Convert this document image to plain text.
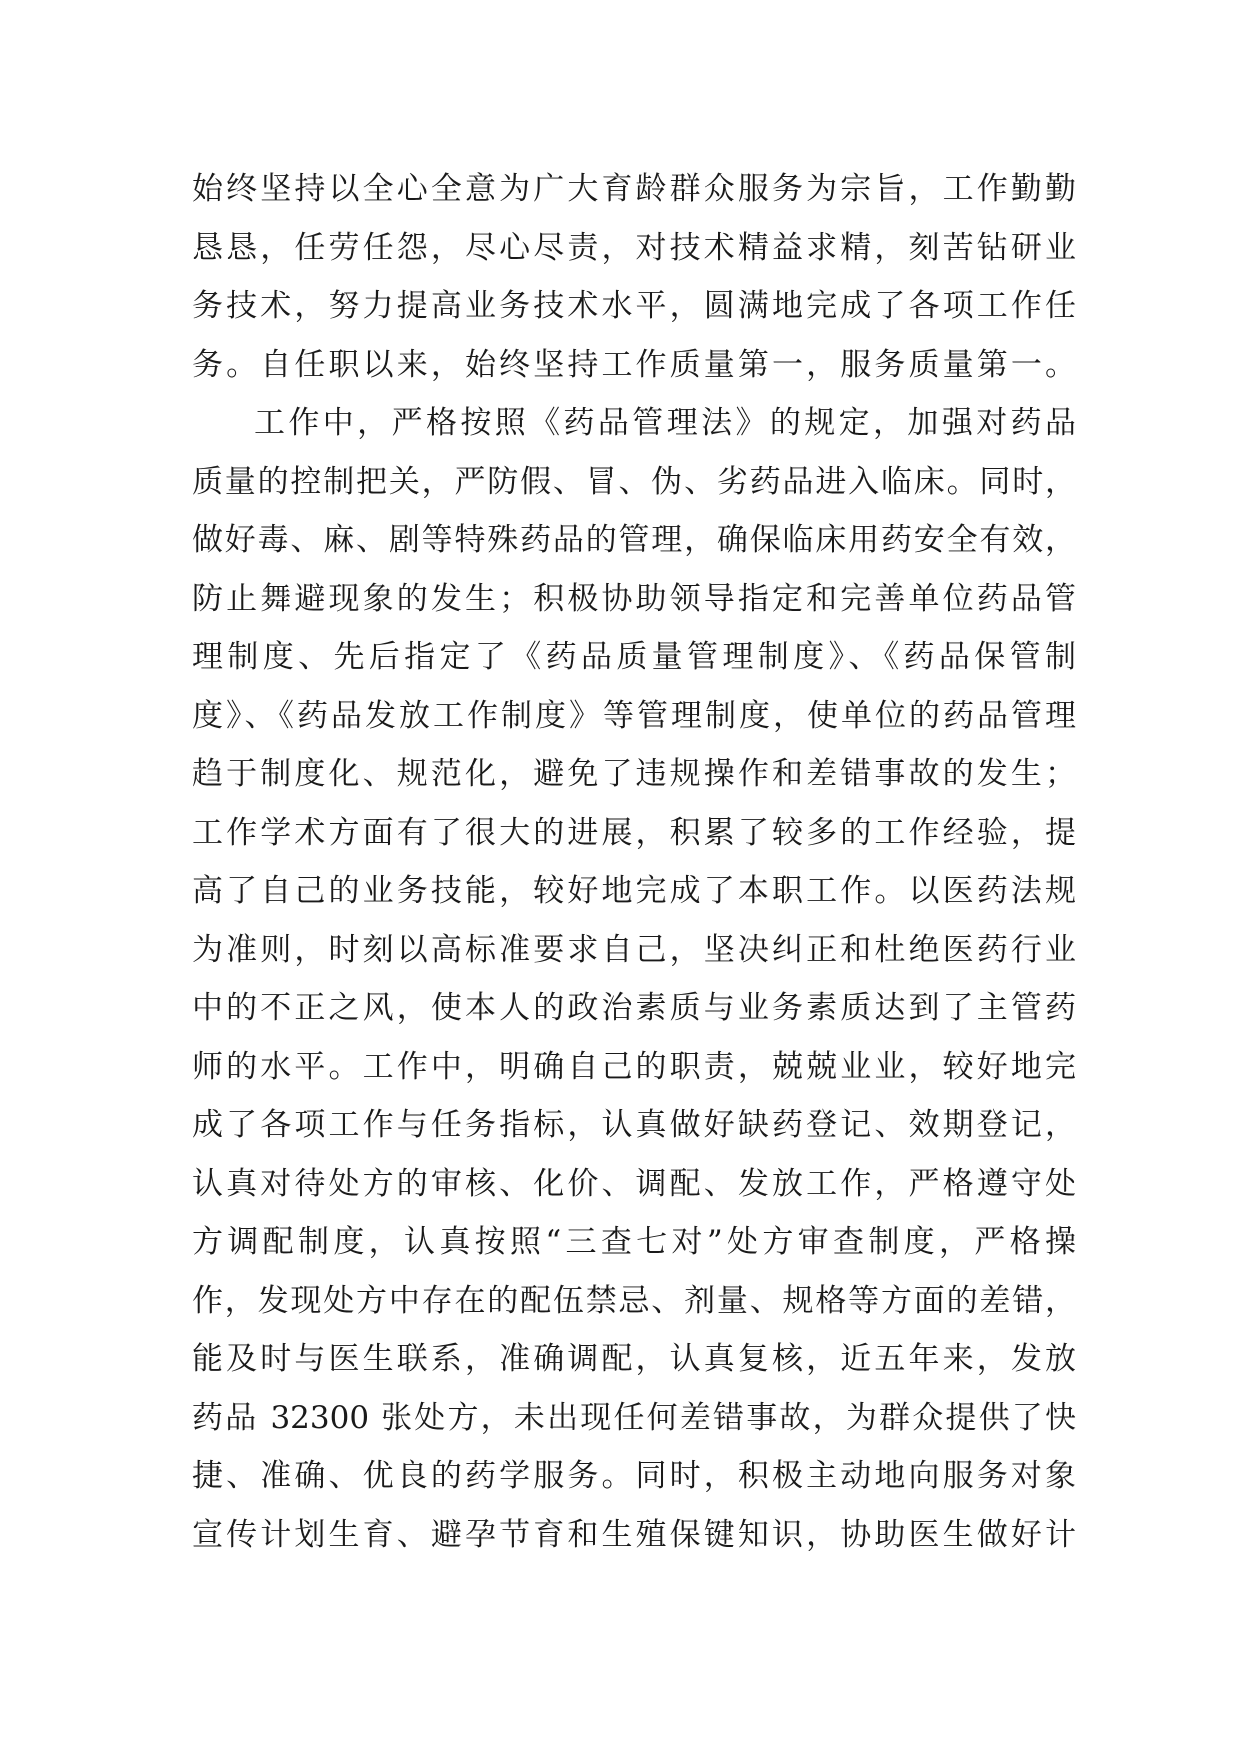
始终坚持以全心全意为广大育龄群众服务为宗旨，工作勤勤
恳恳，任劳任怨，尽心尽责，对技术精益求精，刻苦钻研业
务技术，努力提高业务技术水平，圆满地完成了各项工作任
务。自任职以来，始终坚持工作质量第一，服务质量第一。
工作中，严格按照《药品管理法》的规定，加强对药品
质量的控制把关，严防假、冒、伪、劣药品进入临床。同时，
做好毒、麻、剧等特殊药品的管理，确保临床用药安全有效，
防止舞避现象的发生；积极协助领导指定和完善单位药品管
理制度、先后指定了《药品质量管理制度》、《药品保管制
度》、《药品发放工作制度》等管理制度，使单位的药品管理
趋于制度化、规范化，避免了违规操作和差错事故的发生；
工作学术方面有了很大的进展，积累了较多的工作经验，提
高了自己的业务技能，较好地完成了本职工作。以医药法规
为准则，时刻以高标准要求自己，坚决纠正和杜绝医药行业
中的不正之风，使本人的政治素质与业务素质达到了主管药
师的水平。工作中，明确自己的职责，兢兢业业，较好地完
成了各项工作与任务指标，认真做好缺药登记、效期登记，
认真对待处方的审核、化价、调配、发放工作，严格遵守处
方调配制度，认真按照“三查七对”处方审查制度，严格操
作，发现处方中存在的配伍禁忌、剂量、规格等方面的差错，
能及时与医生联系，准确调配，认真复核，近五年来，发放
药品 32300 张处方，未出现任何差错事故，为群众提供了快
捷、准确、优良的药学服务。同时，积极主动地向服务对象
宣传计划生育、避孕节育和生殖保键知识，协助医生做好计
